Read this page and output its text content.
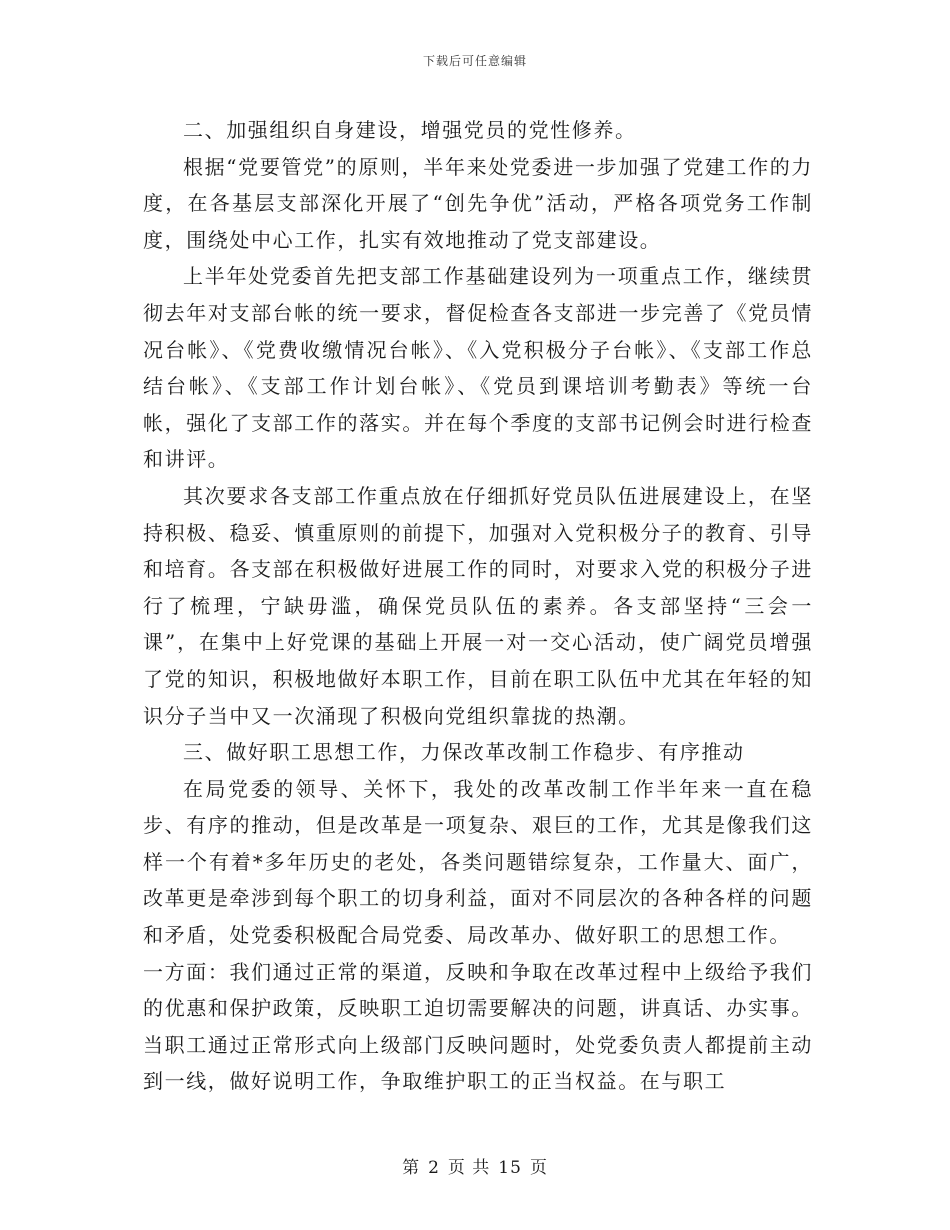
下载后可任意编辑

二、加强组织自身建设，增强党员的党性修养。

根据“党要管党”的原则，半年来处党委进一步加强了党建工作的力度，在各基层支部深化开展了“创先争优”活动，严格各项党务工作制度，围绕处中心工作，扎实有效地推动了党支部建设。

上半年处党委首先把支部工作基础建设列为一项重点工作，继续贯彻去年对支部台帐的统一要求，督促检查各支部进一步完善了《党员情况台帐》、《党费收缴情况台帐》、《入党积极分子台帐》、《支部工作总结台帐》、《支部工作计划台帐》、《党员到课培训考勤表》等统一台帐，强化了支部工作的落实。并在每个季度的支部书记例会时进行检查和讲评。

其次要求各支部工作重点放在仔细抓好党员队伍进展建设上，在坚持积极、稳妥、慎重原则的前提下，加强对入党积极分子的教育、引导和培育。各支部在积极做好进展工作的同时，对要求入党的积极分子进行了梳理，宁缺毋滥，确保党员队伍的素养。各支部坚持“三会一课”，在集中上好党课的基础上开展一对一交心活动，使广阔党员增强了党的知识，积极地做好本职工作，目前在职工队伍中尤其在年轻的知识分子当中又一次涌现了积极向党组织靠拢的热潮。

三、做好职工思想工作，力保改革改制工作稳步、有序推动

在局党委的领导、关怀下，我处的改革改制工作半年来一直在稳步、有序的推动，但是改革是一项复杂、艰巨的工作，尤其是像我们这样一个有着*多年历史的老处，各类问题错综复杂，工作量大、面广，改革更是牵涉到每个职工的切身利益，面对不同层次的各种各样的问题和矛盾，处党委积极配合局党委、局改革办、做好职工的思想工作。

一方面：我们通过正常的渠道，反映和争取在改革过程中上级给予我们的优惠和保护政策，反映职工迫切需要解决的问题，讲真话、办实事。当职工通过正常形式向上级部门反映问题时，处党委负责人都提前主动到一线，做好说明工作，争取维护职工的正当权益。在与职工

第 2 页 共 15 页
